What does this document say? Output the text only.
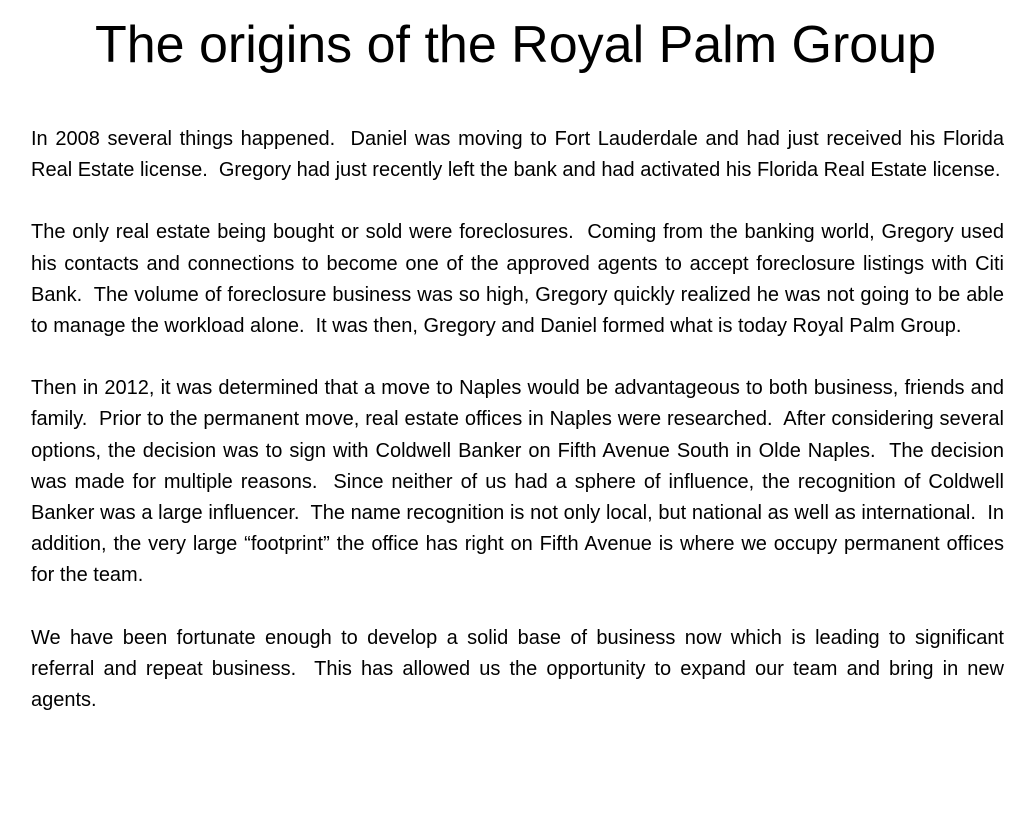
The origins of the Royal Palm Group

In 2008 several things happened.  Daniel was moving to Fort Lauderdale and had just received his Florida Real Estate license.  Gregory had just recently left the bank and had activated his Florida Real Estate license.

The only real estate being bought or sold were foreclosures.  Coming from the banking world, Gregory used his contacts and connections to become one of the approved agents to accept foreclosure listings with Citi Bank.  The volume of foreclosure business was so high, Gregory quickly realized he was not going to be able to manage the workload alone.  It was then, Gregory and Daniel formed what is today Royal Palm Group.

Then in 2012, it was determined that a move to Naples would be advantageous to both business, friends and family.  Prior to the permanent move, real estate offices in Naples were researched.  After considering several options, the decision was to sign with Coldwell Banker on Fifth Avenue South in Olde Naples.  The decision was made for multiple reasons.  Since neither of us had a sphere of influence, the recognition of Coldwell Banker was a large influencer.  The name recognition is not only local, but national as well as international.  In addition, the very large “footprint” the office has right on Fifth Avenue is where we occupy permanent offices for the team.

We have been fortunate enough to develop a solid base of business now which is leading to significant referral and repeat business.  This has allowed us the opportunity to expand our team and bring in new agents.
